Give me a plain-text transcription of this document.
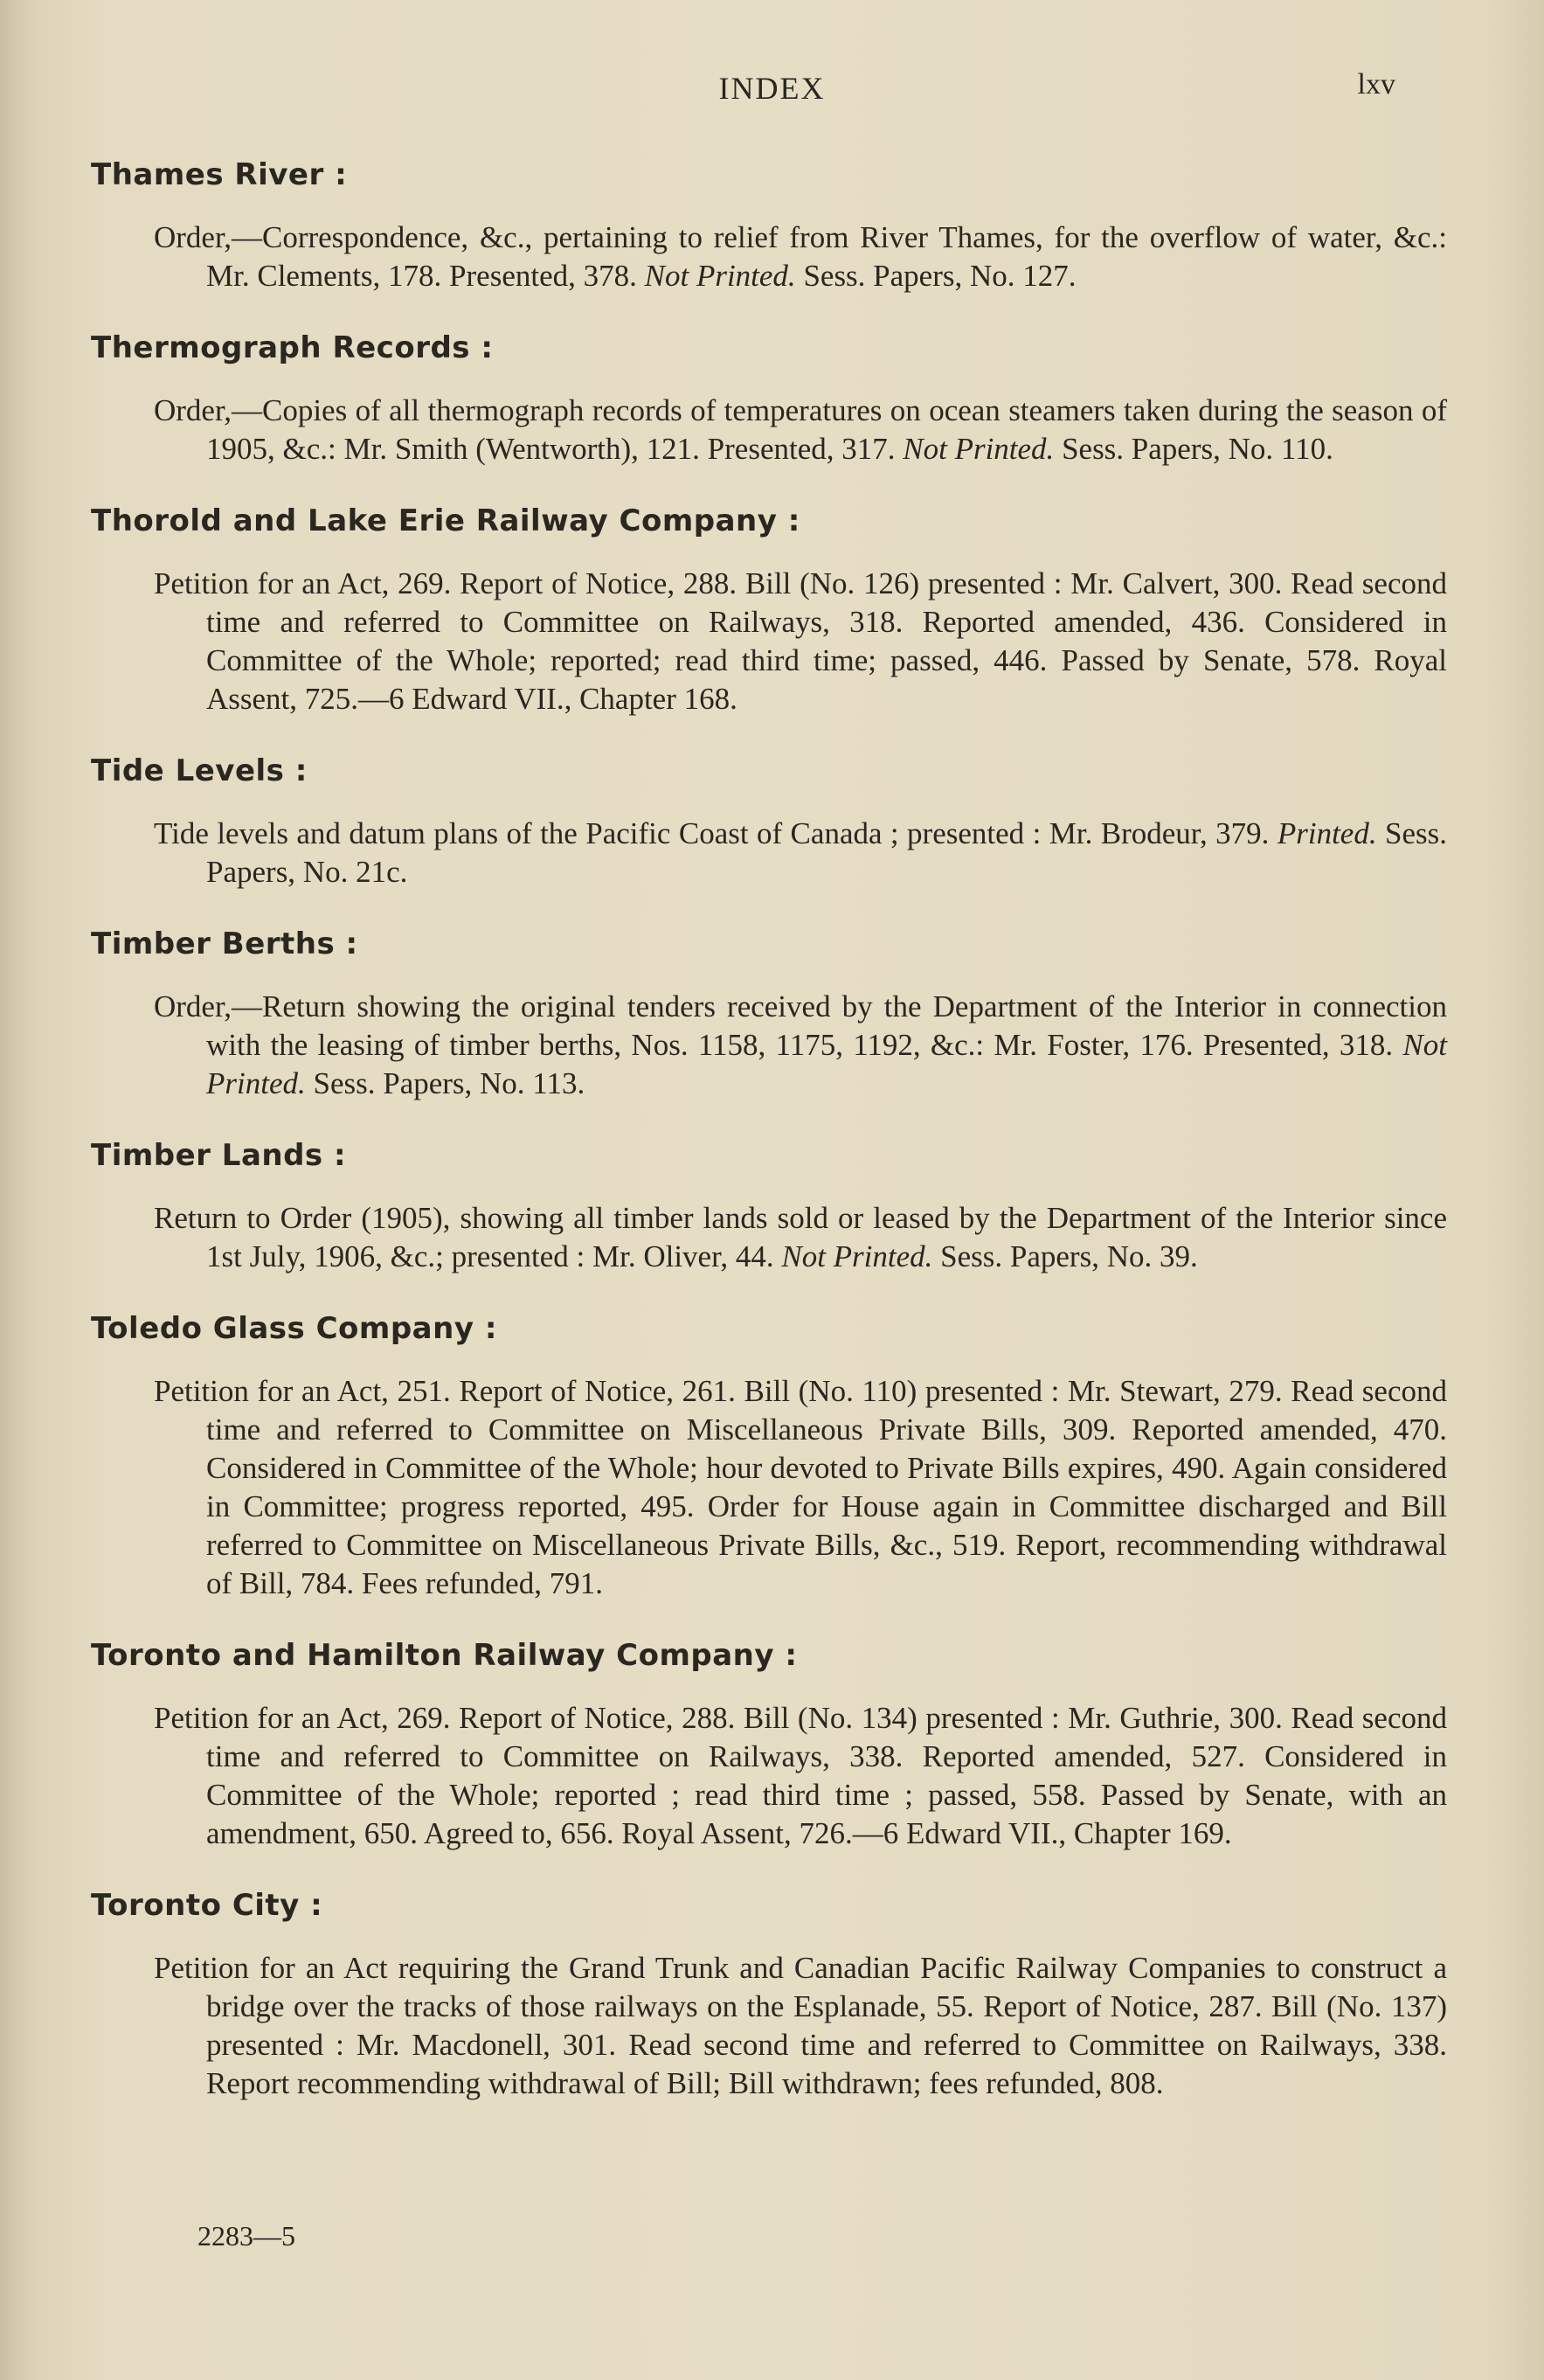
INDEX	lxv
Thames River :

Order,—Correspondence, &c., pertaining to relief from River Thames, for the overflow of water, &c.: Mr. Clements, 178. Presented, 378. Not Printed. Sess. Papers, No. 127.

Thermograph Records :

Order,—Copies of all thermograph records of temperatures on ocean steamers taken during the season of 1905, &c.: Mr. Smith (Wentworth), 121. Presented, 317. Not Printed. Sess. Papers, No. 110.

Thorold and Lake Erie Railway Company :

Petition for an Act, 269. Report of Notice, 288. Bill (No. 126) presented : Mr. Calvert, 300. Read second time and referred to Committee on Railways, 318. Reported amended, 436. Considered in Committee of the Whole; reported; read third time; passed, 446. Passed by Senate, 578. Royal Assent, 725.—6 Edward VII., Chapter 168.

Tide Levels :

Tide levels and datum plans of the Pacific Coast of Canada ; presented : Mr. Brodeur, 379. Printed. Sess. Papers, No. 21c.

Timber Berths :

Order,—Return showing the original tenders received by the Department of the Interior in connection with the leasing of timber berths, Nos. 1158, 1175, 1192, &c.: Mr. Foster, 176. Presented, 318. Not Printed. Sess. Papers, No. 113.

Timber Lands :

Return to Order (1905), showing all timber lands sold or leased by the Department of the Interior since 1st July, 1906, &c.; presented : Mr. Oliver, 44. Not Printed. Sess. Papers, No. 39.

Toledo Glass Company :

Petition for an Act, 251. Report of Notice, 261. Bill (No. 110) presented : Mr. Stewart, 279. Read second time and referred to Committee on Miscellaneous Private Bills, 309. Reported amended, 470. Considered in Committee of the Whole; hour devoted to Private Bills expires, 490. Again considered in Committee; progress reported, 495. Order for House again in Committee discharged and Bill referred to Committee on Miscellaneous Private Bills, &c., 519. Report, recommending withdrawal of Bill, 784. Fees refunded, 791.

Toronto and Hamilton Railway Company :

Petition for an Act, 269. Report of Notice, 288. Bill (No. 134) presented : Mr. Guthrie, 300. Read second time and referred to Committee on Railways, 338. Reported amended, 527. Considered in Committee of the Whole; reported ; read third time ; passed, 558. Passed by Senate, with an amendment, 650. Agreed to, 656. Royal Assent, 726.—6 Edward VII., Chapter 169.

Toronto City :

Petition for an Act requiring the Grand Trunk and Canadian Pacific Railway Companies to construct a bridge over the tracks of those railways on the Esplanade, 55. Report of Notice, 287. Bill (No. 137) presented : Mr. Macdonell, 301. Read second time and referred to Committee on Railways, 338. Report recommending withdrawal of Bill; Bill withdrawn; fees refunded, 808.

2283—5
